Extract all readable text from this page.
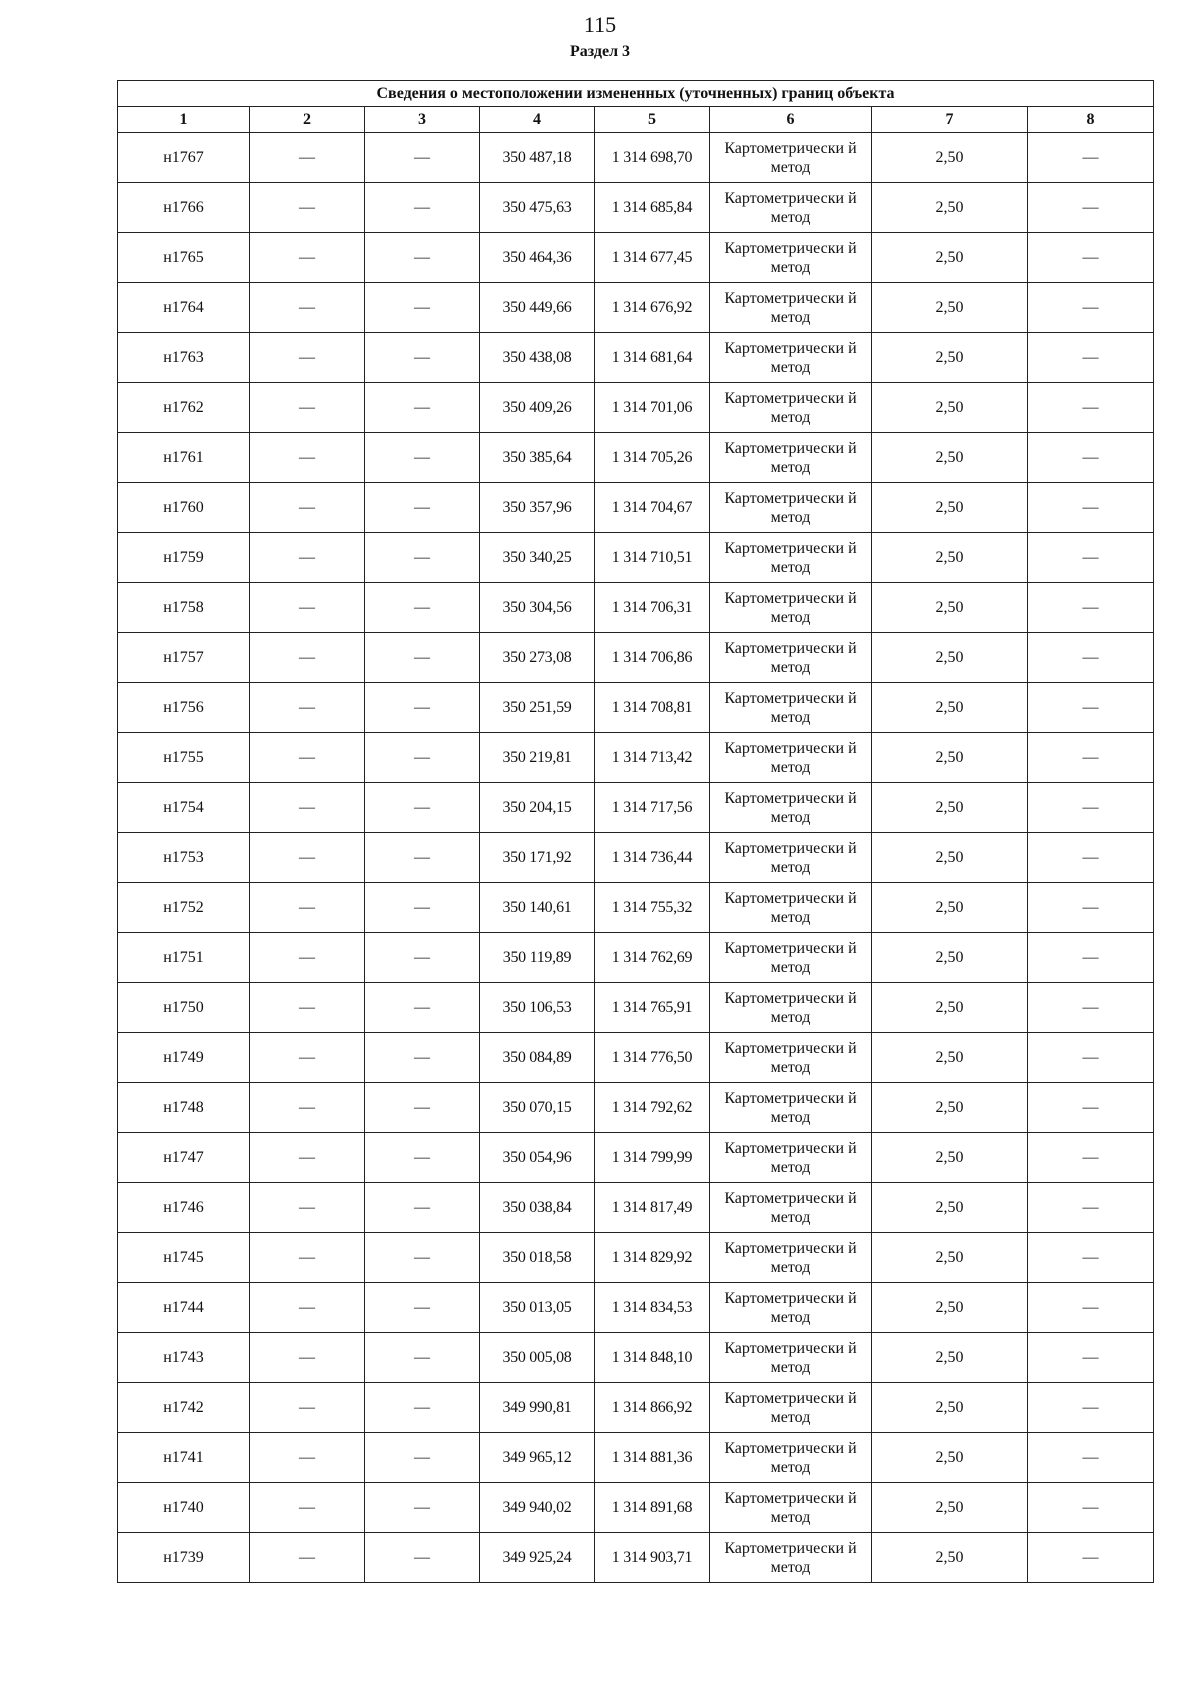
115
Раздел 3
Сведения о местоположении измененных (уточненных) границ объекта							
1	2	3	4	5	6	7	8
н1767	—	—	350 487,18	1 314 698,70	Картометрически й метод	2,50	—
н1766	—	—	350 475,63	1 314 685,84	Картометрически й метод	2,50	—
н1765	—	—	350 464,36	1 314 677,45	Картометрически й метод	2,50	—
н1764	—	—	350 449,66	1 314 676,92	Картометрически й метод	2,50	—
н1763	—	—	350 438,08	1 314 681,64	Картометрически й метод	2,50	—
н1762	—	—	350 409,26	1 314 701,06	Картометрически й метод	2,50	—
н1761	—	—	350 385,64	1 314 705,26	Картометрически й метод	2,50	—
н1760	—	—	350 357,96	1 314 704,67	Картометрически й метод	2,50	—
н1759	—	—	350 340,25	1 314 710,51	Картометрически й метод	2,50	—
н1758	—	—	350 304,56	1 314 706,31	Картометрически й метод	2,50	—
н1757	—	—	350 273,08	1 314 706,86	Картометрически й метод	2,50	—
н1756	—	—	350 251,59	1 314 708,81	Картометрически й метод	2,50	—
н1755	—	—	350 219,81	1 314 713,42	Картометрически й метод	2,50	—
н1754	—	—	350 204,15	1 314 717,56	Картометрически й метод	2,50	—
н1753	—	—	350 171,92	1 314 736,44	Картометрически й метод	2,50	—
н1752	—	—	350 140,61	1 314 755,32	Картометрически й метод	2,50	—
н1751	—	—	350 119,89	1 314 762,69	Картометрически й метод	2,50	—
н1750	—	—	350 106,53	1 314 765,91	Картометрически й метод	2,50	—
н1749	—	—	350 084,89	1 314 776,50	Картометрически й метод	2,50	—
н1748	—	—	350 070,15	1 314 792,62	Картометрически й метод	2,50	—
н1747	—	—	350 054,96	1 314 799,99	Картометрически й метод	2,50	—
н1746	—	—	350 038,84	1 314 817,49	Картометрически й метод	2,50	—
н1745	—	—	350 018,58	1 314 829,92	Картометрически й метод	2,50	—
н1744	—	—	350 013,05	1 314 834,53	Картометрически й метод	2,50	—
н1743	—	—	350 005,08	1 314 848,10	Картометрически й метод	2,50	—
н1742	—	—	349 990,81	1 314 866,92	Картометрически й метод	2,50	—
н1741	—	—	349 965,12	1 314 881,36	Картометрически й метод	2,50	—
н1740	—	—	349 940,02	1 314 891,68	Картометрически й метод	2,50	—
н1739	—	—	349 925,24	1 314 903,71	Картометрически й метод	2,50	—
